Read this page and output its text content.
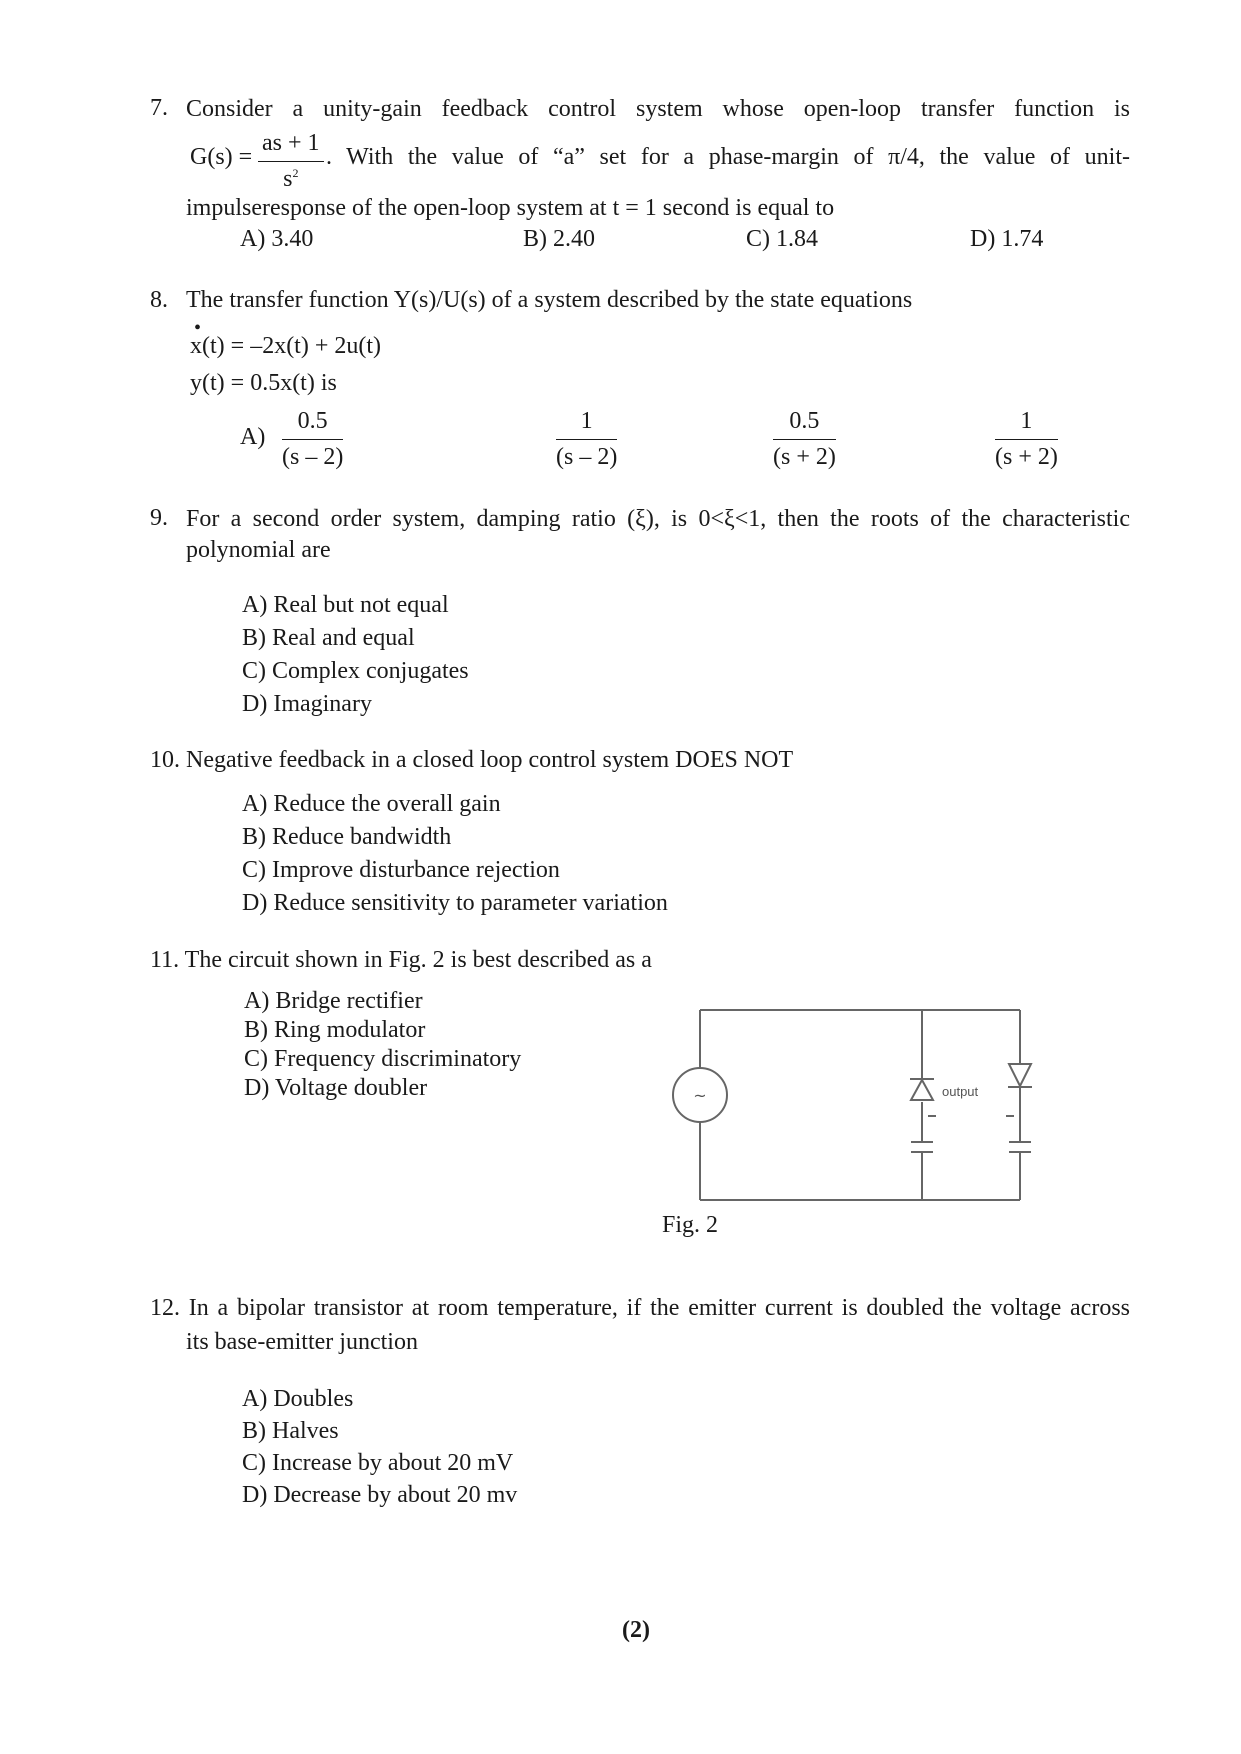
7. Consider a unity-gain feedback control system whose open-loop transfer function is
$G(s) = \frac{as + 1}{s^2}$ . With the value of “a” set for a phase-margin of π/4, the value of unit-
impulseresponse of the open-loop system at t = 1 second is equal to
A) 3.40	B) 2.40	C) 1.84	D) 1.74
8. The transfer function Y(s)/U(s) of a system described by the state equations
•
x(t) = –2x(t) + 2u(t)
y(t) = 0.5x(t) is
$A) \frac{0.5}{(s - 2)}$	$\frac{1}{(s - 2)}$	$\frac{0.5}{(s + 2)}$	$\frac{1}{(s + 2)}$
9. For a second order system, damping ratio (ξ), is 0<ξ<1, then the roots of the characteristic
polynomial are
A) Real but not equal
B) Real and equal
C) Complex conjugates
D) Imaginary
10. Negative feedback in a closed loop control system DOES NOT
A) Reduce the overall gain
B) Reduce bandwidth
C) Improve disturbance rejection
D) Reduce sensitivity to parameter variation
11. The circuit shown in Fig. 2 is best described as a
A) Bridge rectifier
B) Ring modulator
C) Frequency discriminatory
D) Voltage doubler	~	output
Fig. 2
12. In a bipolar transistor at room temperature, if the emitter current is doubled the voltage across
its base-emitter junction
A) Doubles
B) Halves
C) Increase by about 20 mV
D) Decrease by about 20 mv
(2)
